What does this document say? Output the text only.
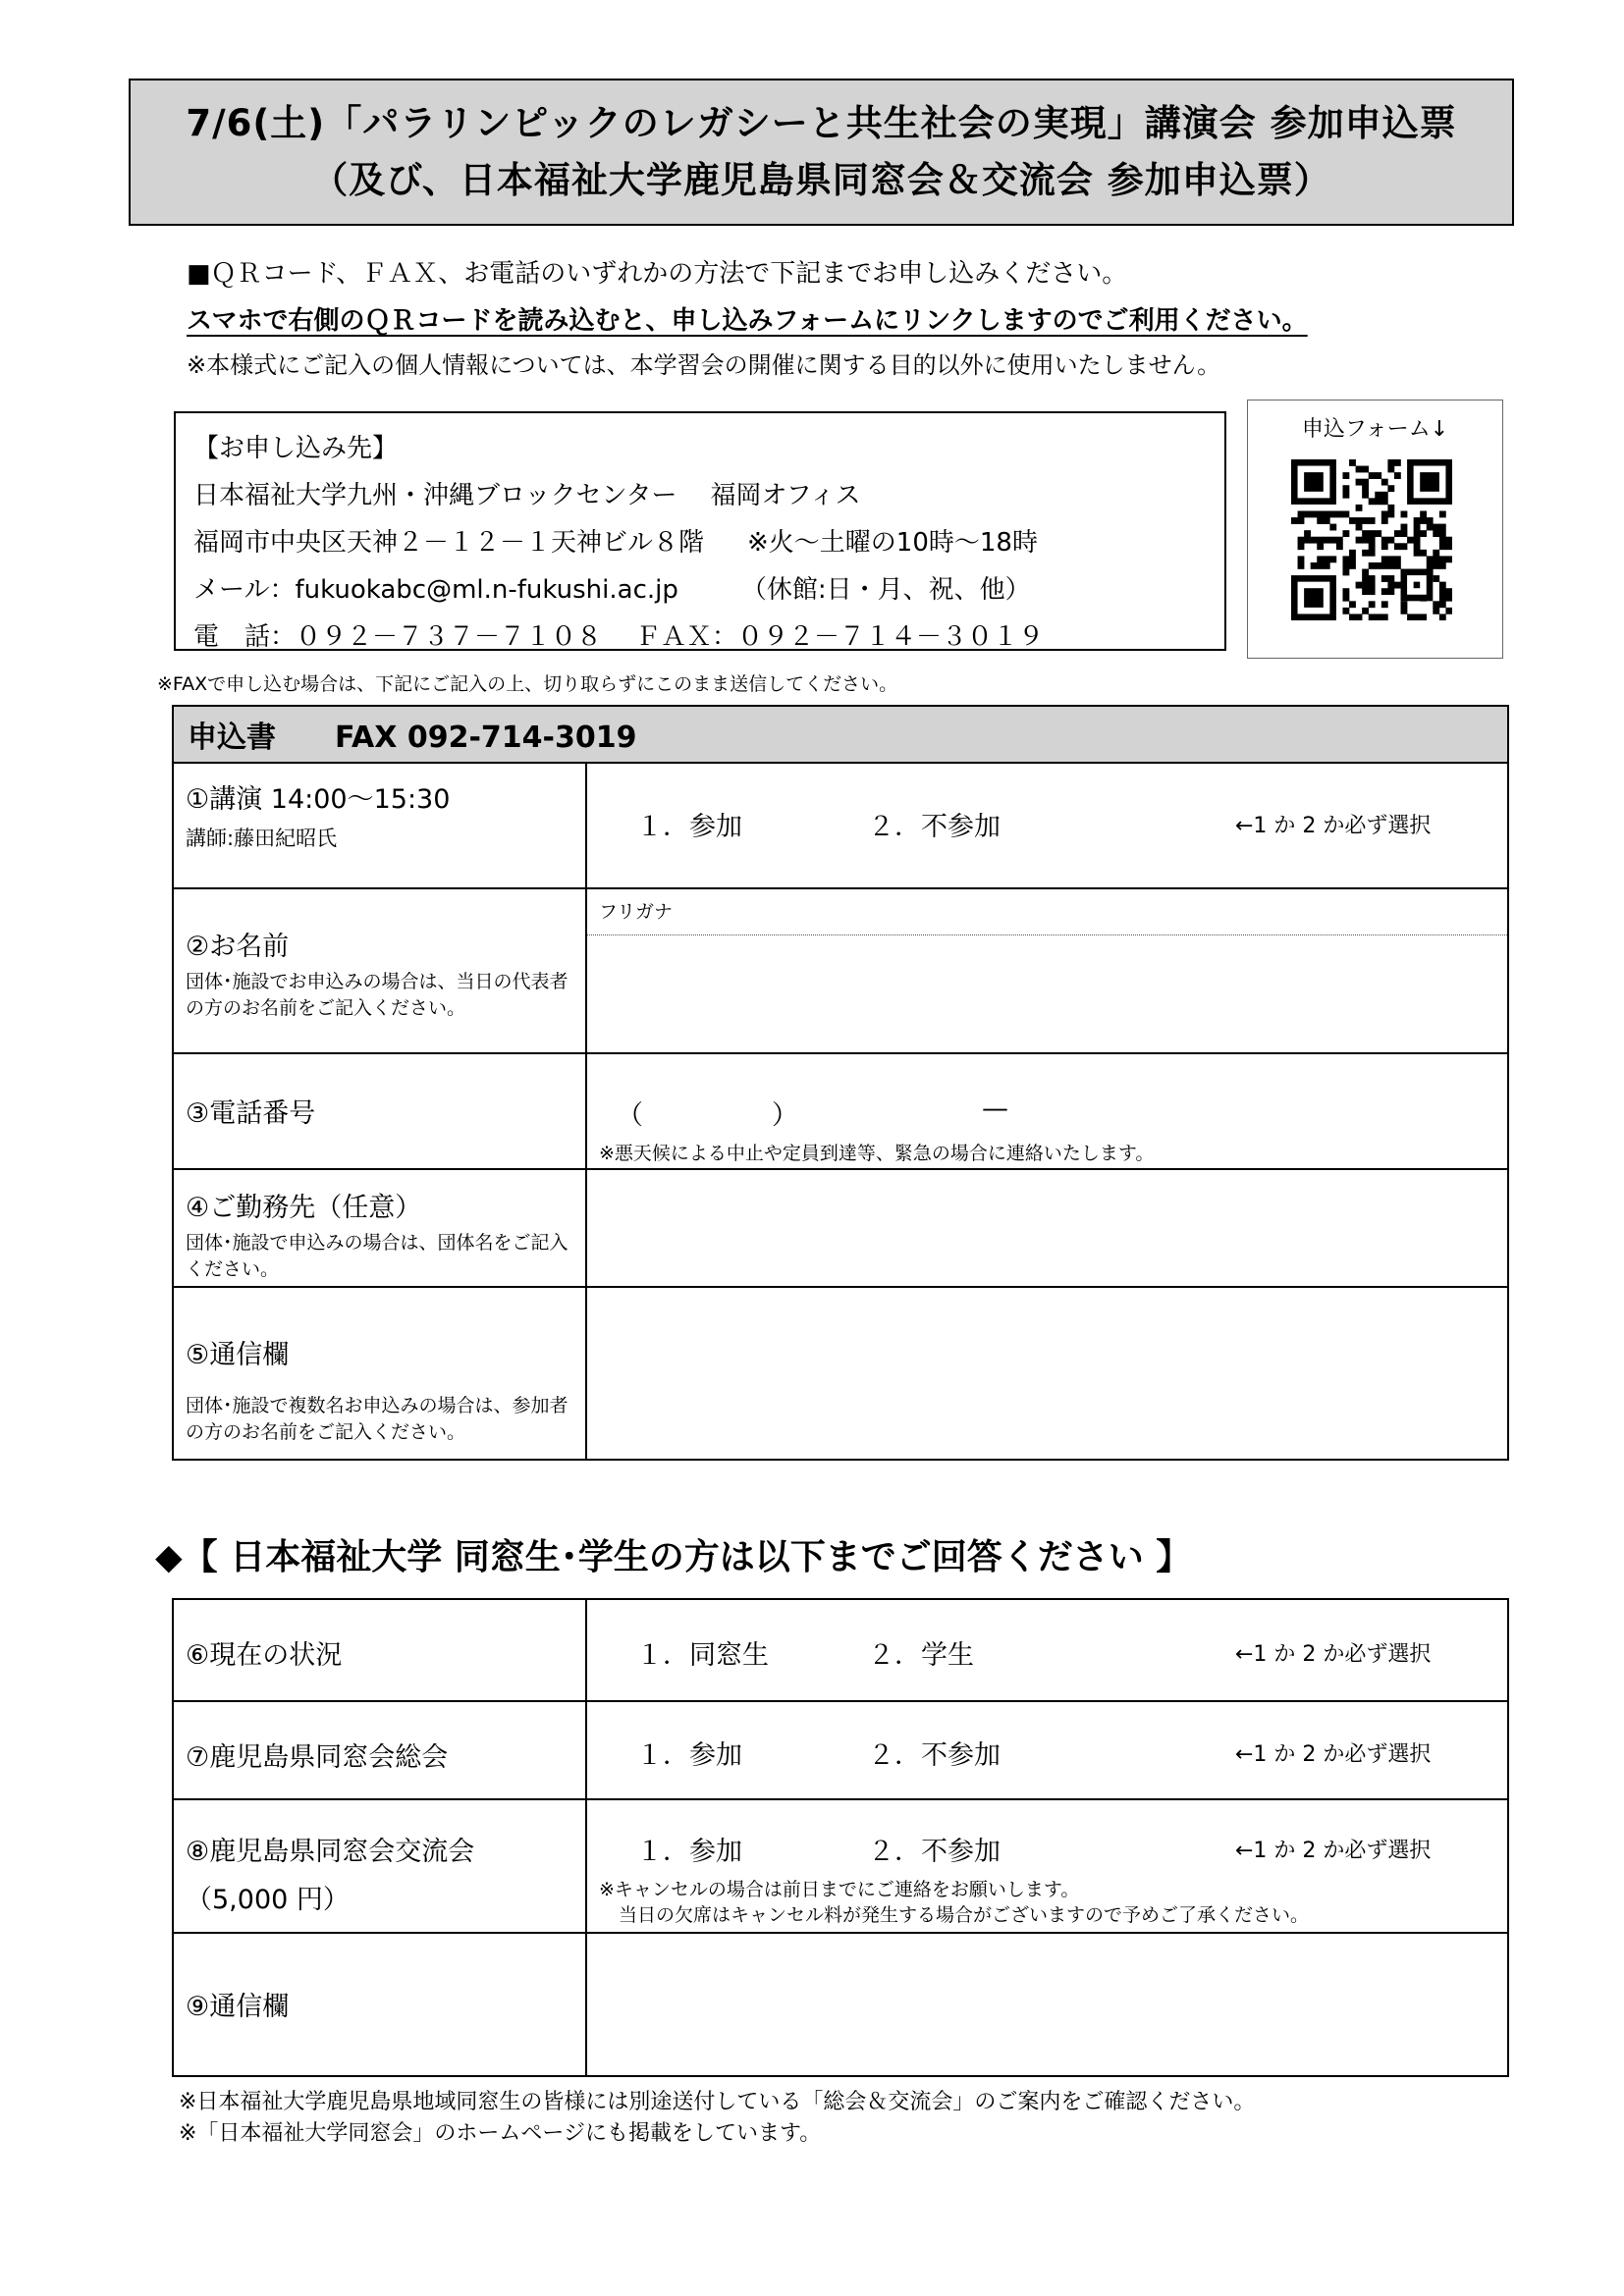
7/6(土)「パラリンピックのレガシーと共生社会の実現」講演会 参加申込票
（及び、日本福祉大学鹿児島県同窓会＆交流会 参加申込票）
■ＱＲコード、ＦＡＸ、お電話のいずれかの方法で下記までお申し込みください。
スマホで右側のＱＲコードを読み込むと、申し込みフォームにリンクしますのでご利用ください。
※本様式にご記入の個人情報については、本学習会の開催に関する目的以外に使用いたしません。
【お申し込み先】
日本福祉大学九州・沖縄ブロックセンター 福岡オフィス
福岡市中央区天神２－１２－１天神ビル８階 ※火～土曜の10時～18時
メール：fukuokabc@ml.n-fukushi.ac.jp （休館:日・月、祝、他）
電　話：０９２－７３７－７１０８ ＦＡＸ：０９２－７１４－３０１９
申込フォーム↓
※FAXで申し込む場合は、下記にご記入の上、切り取らずにこのまま送信してください。
申込書　　FAX 092-714-3019	

①講演 14:00～15:30
講師:藤田紀昭氏	１．参加 ２．不参加 ←1 か 2 か必ず選択

②お名前
団体･施設でお申込みの場合は、当日の代表者の方のお名前をご記入ください。	フリガナ

③電話番号	（ ） —
※悪天候による中止や定員到達等、緊急の場合に連絡いたします。

④ご勤務先（任意）
団体･施設で申込みの場合は、団体名をご記入ください。	

⑤通信欄
団体･施設で複数名お申込みの場合は、参加者の方のお名前をご記入ください。	

◆【 日本福祉大学 同窓生･学生の方は以下までご回答ください 】
⑥現在の状況	１．同窓生 ２．学生 ←1 か 2 か必ず選択

⑦鹿児島県同窓会総会	１．参加 ２．不参加 ←1 か 2 か必ず選択

⑧鹿児島県同窓会交流会
（5,000 円）	１．参加 ２．不参加 ←1 か 2 か必ず選択
※キャンセルの場合は前日までにご連絡をお願いします。
当日の欠席はキャンセル料が発生する場合がございますので予めご了承ください。

⑨通信欄	

※日本福祉大学鹿児島県地域同窓生の皆様には別途送付している「総会＆交流会」のご案内をご確認ください。
※「日本福祉大学同窓会」のホームページにも掲載をしています。
